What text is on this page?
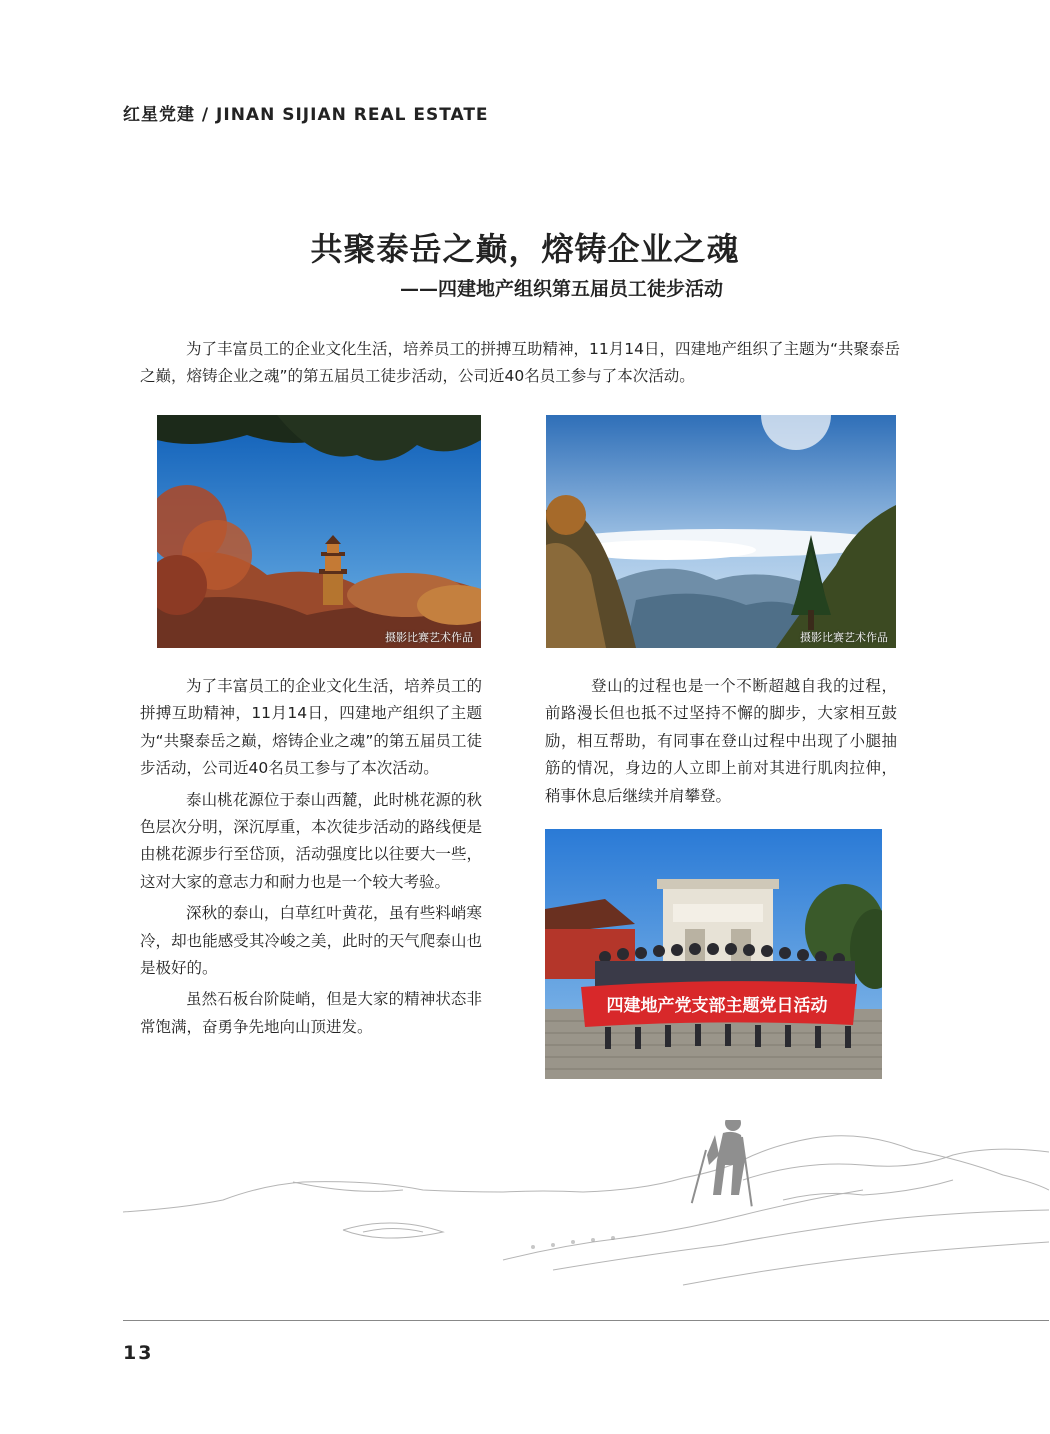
红星党建 / JINAN SIJIAN REAL ESTATE
共聚泰岳之巅，熔铸企业之魂
——四建地产组织第五届员工徒步活动
为了丰富员工的企业文化生活，培养员工的拼搏互助精神，11月14日，四建地产组织了主题为“共聚泰岳之巅，熔铸企业之魂”的第五届员工徒步活动，公司近40名员工参与了本次活动。
摄影比赛艺术作品	摄影比赛艺术作品

为了丰富员工的企业文化生活，培养员工的拼搏互助精神，11月14日，四建地产组织了主题为“共聚泰岳之巅，熔铸企业之魂”的第五届员工徒步活动，公司近40名员工参与了本次活动。

泰山桃花源位于泰山西麓，此时桃花源的秋色层次分明，深沉厚重，本次徒步活动的路线便是由桃花源步行至岱顶，活动强度比以往要大一些，这对大家的意志力和耐力也是一个较大考验。

深秋的泰山，白草红叶黄花，虽有些料峭寒冷，却也能感受其冷峻之美，此时的天气爬泰山也是极好的。

虽然石板台阶陡峭，但是大家的精神状态非常饱满，奋勇争先地向山顶进发。

登山的过程也是一个不断超越自我的过程，前路漫长但也抵不过坚持不懈的脚步，大家相互鼓励，相互帮助，有同事在登山过程中出现了小腿抽筋的情况，身边的人立即上前对其进行肌肉拉伸，稍事休息后继续并肩攀登。

四建地产党支部主题党日活动
13
